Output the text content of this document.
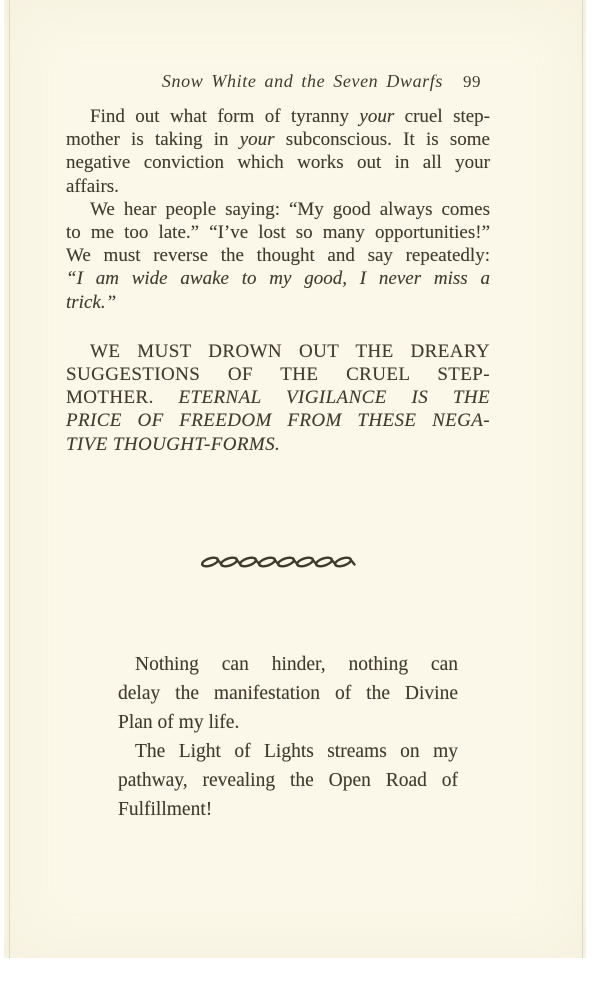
Snow White and the Seven Dwarfs 99
Find out what form of tyranny your cruel step-
mother is taking in your subconscious. It is some
negative conviction which works out in all your
affairs.
We hear people saying: “My good always comes
to me too late.” “I’ve lost so many opportunities!”
We must reverse the thought and say repeatedly:
“I am wide awake to my good, I never miss a
trick.”
WE MUST DROWN OUT THE DREARY
SUGGESTIONS OF THE CRUEL STEP-
MOTHER. ETERNAL VIGILANCE IS THE
PRICE OF FREEDOM FROM THESE NEGA-
TIVE THOUGHT-FORMS.
Nothing can hinder, nothing can
delay the manifestation of the Divine
Plan of my life.
The Light of Lights streams on my
pathway, revealing the Open Road of
Fulfillment!
